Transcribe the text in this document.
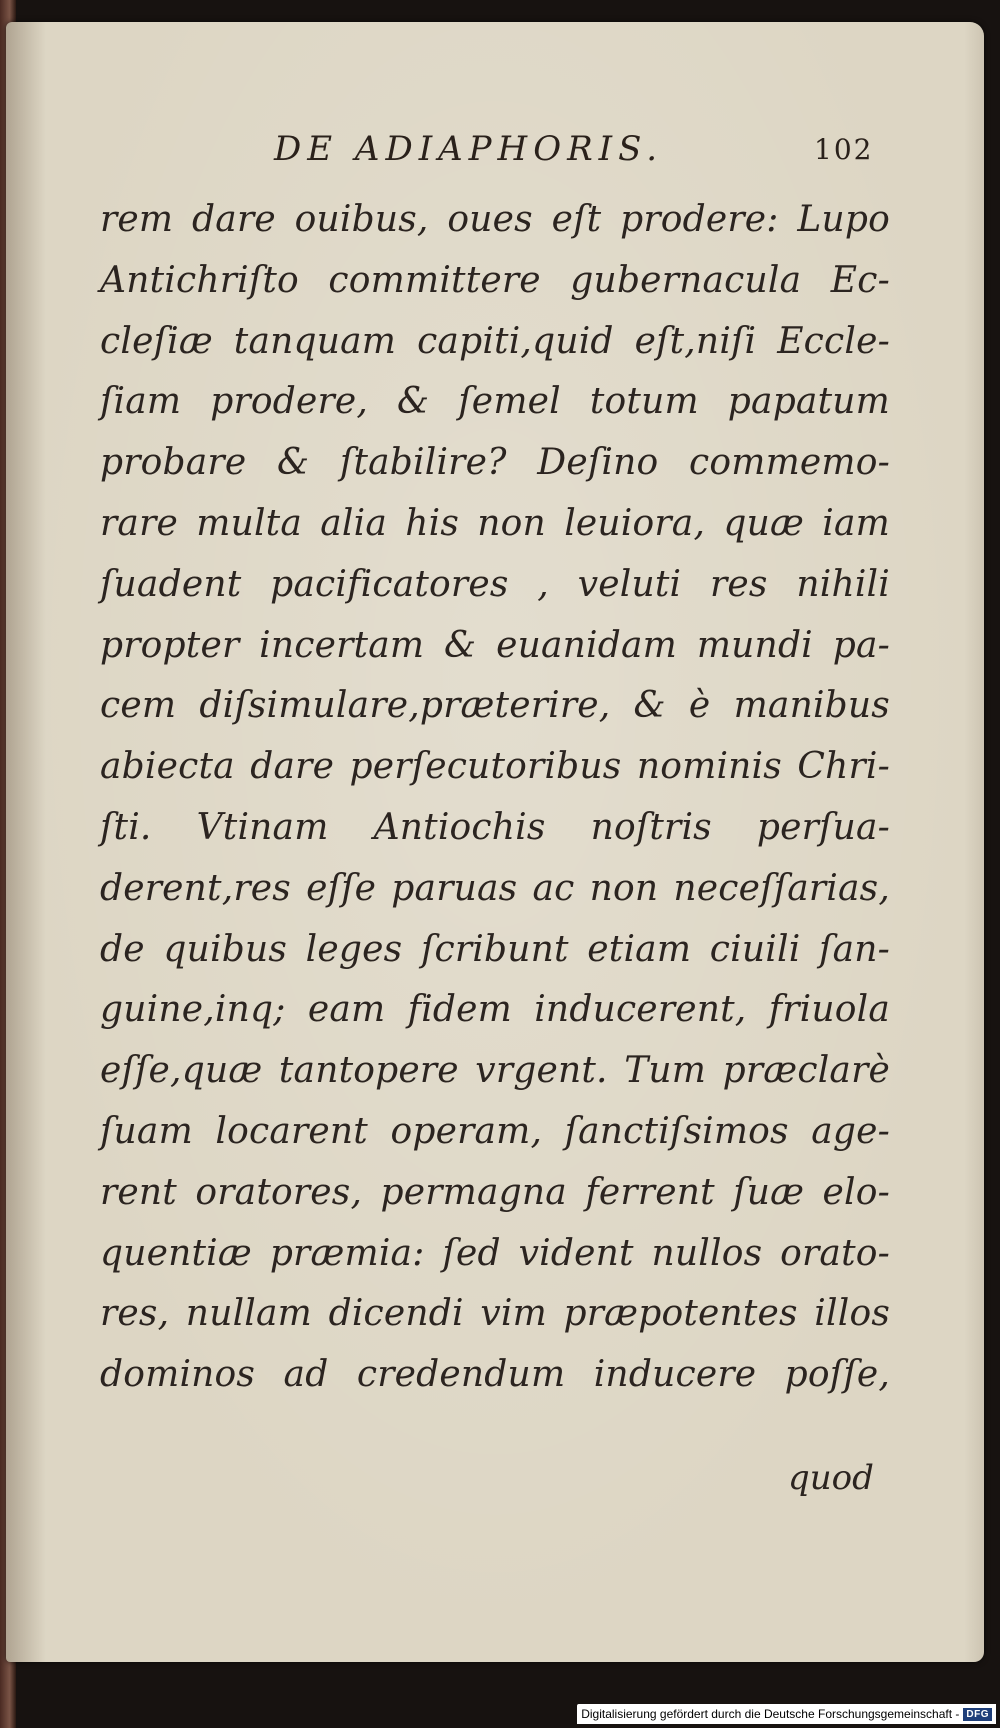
DE ADIAPHORIS.	102
rem dare ouibus, oues eſt prodere: Lupo
Antichriſto committere gubernacula Ec-
cleſiæ tanquam capiti,quid eſt,niſi Eccle-
ſiam prodere, & ſemel totum papatum
probare & ſtabilire? Deſino commemo-
rare multa alia his non leuiora, quæ iam
ſuadent pacificatores , veluti res nihili
propter incertam & euanidam mundi pa-
cem diſsimulare,præterire, & è manibus
abiecta dare perſecutoribus nominis Chri-
ſti. Vtinam Antiochis noſtris perſua-
derent,res eſſe paruas ac non neceſſarias,
de quibus leges ſcribunt etiam ciuili ſan-
guine,inq; eam fidem inducerent, friuola
eſſe,quæ tantopere vrgent. Tum præclarè
ſuam locarent operam, ſanctiſsimos age-
rent oratores, permagna ferrent ſuæ elo-
quentiæ præmia: ſed vident nullos orato-
res, nullam dicendi vim præpotentes illos
dominos ad credendum inducere poſſe,
quod
Digitalisierung gefördert durch die Deutsche Forschungsgemeinschaft - DFG
